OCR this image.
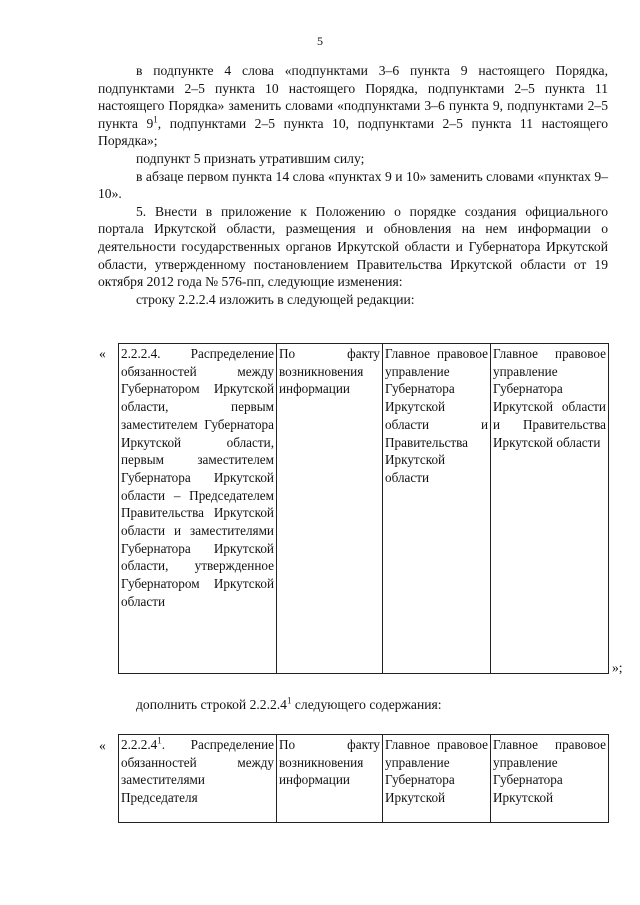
5

в подпункте 4 слова «подпунктами 3–6 пункта 9 настоящего Порядка, подпунктами 2–5 пункта 10 настоящего Порядка, подпунктами 2–5 пункта 11 настоящего Порядка» заменить словами «подпунктами 3–6 пункта 9, подпунктами 2–5 пункта $9^1$, подпунктами 2–5 пункта 10, подпунктами 2–5 пункта 11 настоящего Порядка»;

подпункт 5 признать утратившим силу;

в абзаце первом пункта 14 слова «пунктах 9 и 10» заменить словами «пунктах 9–10».

5. Внести в приложение к Положению о порядке создания официального портала Иркутской области, размещения и обновления на нем информации о деятельности государственных органов Иркутской области и Губернатора Иркутской области, утвержденному постановлением Правительства Иркутской области от 19 октября 2012 года № 576-пп, следующие изменения:

строку 2.2.2.4 изложить в следующей редакции:

« 2.2.2.4. Распределение обязанностей между Губернатором Иркутской области, первым заместителем Губернатора Иркутской области, первым заместителем Губернатора Иркутской области – Председателем Правительства Иркутской области и заместителями Губернатора Иркутской области, утвержденное Губернатором Иркутской области	По факту возникновения информации	Главное правовое управление Губернатора Иркутской области и Правительства Иркутской области	Главное правовое управление Губернатора Иркутской области и Правительства Иркутской области
»;
дополнить строкой 2.2.2.4$^1$ следующего содержания:
« 2.2.2.4$^1$. Распределение обязанностей между заместителями Председателя	По факту возникновения информации	Главное правовое управление Губернатора Иркутской	Главное правовое управление Губернатора Иркутской
